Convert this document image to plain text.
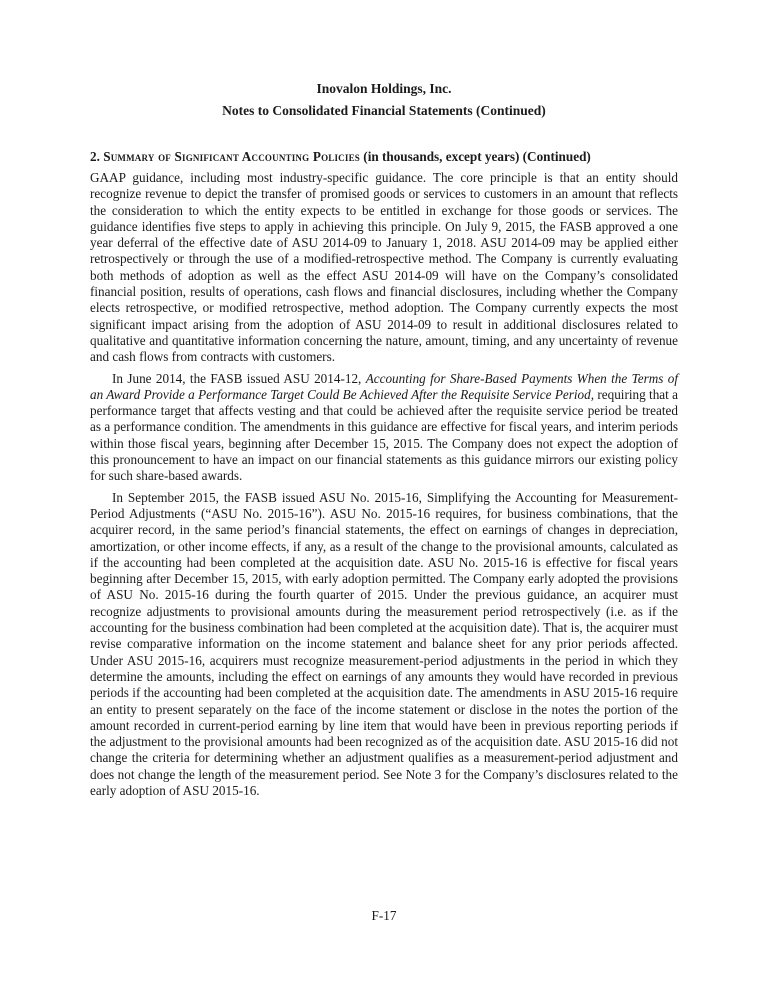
Inovalon Holdings, Inc.
Notes to Consolidated Financial Statements (Continued)
2. Summary of Significant Accounting Policies (in thousands, except years) (Continued)

GAAP guidance, including most industry-specific guidance. The core principle is that an entity should recognize revenue to depict the transfer of promised goods or services to customers in an amount that reflects the consideration to which the entity expects to be entitled in exchange for those goods or services. The guidance identifies five steps to apply in achieving this principle. On July 9, 2015, the FASB approved a one year deferral of the effective date of ASU 2014-09 to January 1, 2018. ASU 2014-09 may be applied either retrospectively or through the use of a modified-retrospective method. The Company is currently evaluating both methods of adoption as well as the effect ASU 2014-09 will have on the Company’s consolidated financial position, results of operations, cash flows and financial disclosures, including whether the Company elects retrospective, or modified retrospective, method adoption. The Company currently expects the most significant impact arising from the adoption of ASU 2014-09 to result in additional disclosures related to qualitative and quantitative information concerning the nature, amount, timing, and any uncertainty of revenue and cash flows from contracts with customers.

In June 2014, the FASB issued ASU 2014-12, Accounting for Share-Based Payments When the Terms of an Award Provide a Performance Target Could Be Achieved After the Requisite Service Period, requiring that a performance target that affects vesting and that could be achieved after the requisite service period be treated as a performance condition. The amendments in this guidance are effective for fiscal years, and interim periods within those fiscal years, beginning after December 15, 2015. The Company does not expect the adoption of this pronouncement to have an impact on our financial statements as this guidance mirrors our existing policy for such share-based awards.

In September 2015, the FASB issued ASU No. 2015-16, Simplifying the Accounting for Measurement-Period Adjustments (“ASU No. 2015-16”). ASU No. 2015-16 requires, for business combinations, that the acquirer record, in the same period’s financial statements, the effect on earnings of changes in depreciation, amortization, or other income effects, if any, as a result of the change to the provisional amounts, calculated as if the accounting had been completed at the acquisition date. ASU No. 2015-16 is effective for fiscal years beginning after December 15, 2015, with early adoption permitted. The Company early adopted the provisions of ASU No. 2015-16 during the fourth quarter of 2015. Under the previous guidance, an acquirer must recognize adjustments to provisional amounts during the measurement period retrospectively (i.e. as if the accounting for the business combination had been completed at the acquisition date). That is, the acquirer must revise comparative information on the income statement and balance sheet for any prior periods affected. Under ASU 2015-16, acquirers must recognize measurement-period adjustments in the period in which they determine the amounts, including the effect on earnings of any amounts they would have recorded in previous periods if the accounting had been completed at the acquisition date. The amendments in ASU 2015-16 require an entity to present separately on the face of the income statement or disclose in the notes the portion of the amount recorded in current-period earning by line item that would have been in previous reporting periods if the adjustment to the provisional amounts had been recognized as of the acquisition date. ASU 2015-16 did not change the criteria for determining whether an adjustment qualifies as a measurement-period adjustment and does not change the length of the measurement period. See Note 3 for the Company’s disclosures related to the early adoption of ASU 2015-16.

F-17
